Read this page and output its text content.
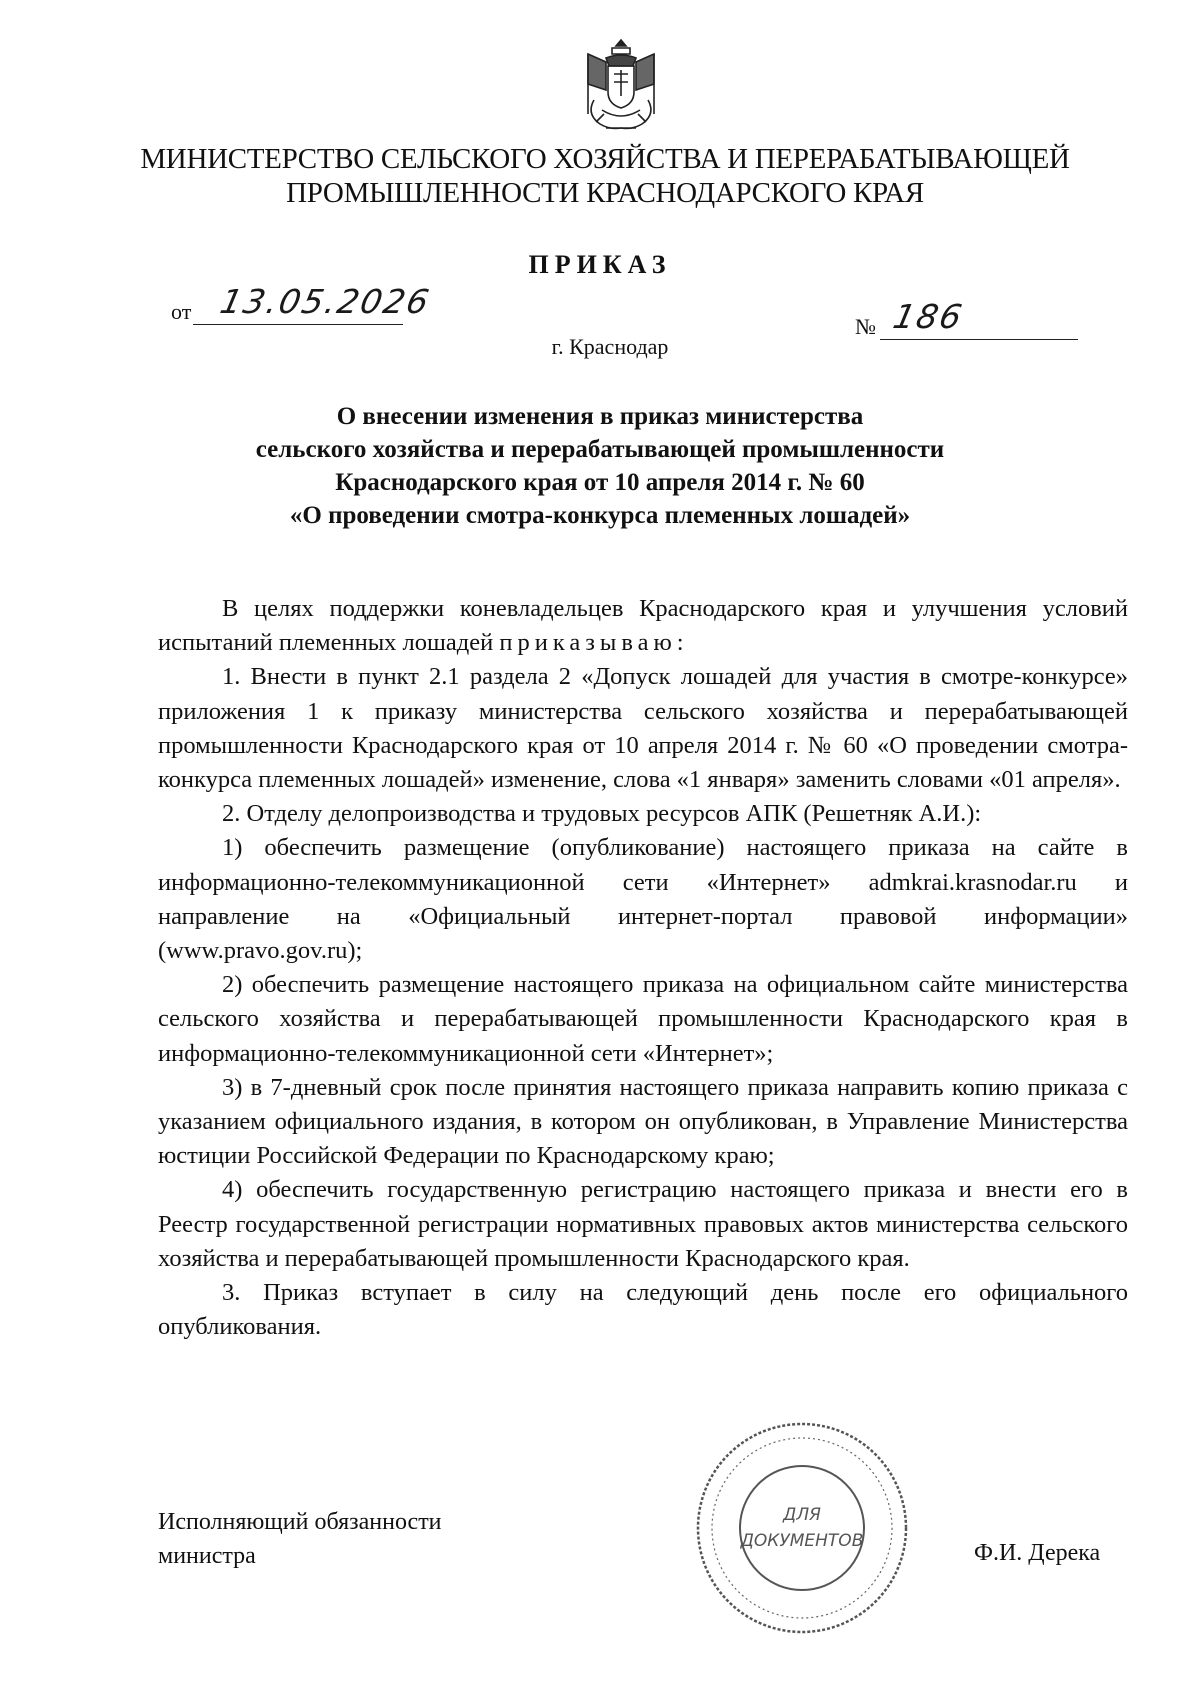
МИНИСТЕРСТВО СЕЛЬСКОГО ХОЗЯЙСТВА И ПЕРЕРАБАТЫВАЮЩЕЙ
ПРОМЫШЛЕННОСТИ КРАСНОДАРСКОГО КРАЯ
ПРИКАЗ
от 13.05.2026
№ 186
г. Краснодар
О внесении изменения в приказ министерства
сельского хозяйства и перерабатывающей промышленности
Краснодарского края от 10 апреля 2014 г. № 60
«О проведении смотра-конкурса племенных лошадей»

В целях поддержки коневладельцев Краснодарского края и улучшения условий испытаний племенных лошадей приказываю:

1. Внести в пункт 2.1 раздела 2 «Допуск лошадей для участия в смотре-конкурсе» приложения 1 к приказу министерства сельского хозяйства и перерабатывающей промышленности Краснодарского края от 10 апреля 2014 г. № 60 «О проведении смотра-конкурса племенных лошадей» изменение, слова «1 января» заменить словами «01 апреля».

2. Отделу делопроизводства и трудовых ресурсов АПК (Решетняк А.И.):

1) обеспечить размещение (опубликование) настоящего приказа на сайте в информационно-телекоммуникационной сети «Интернет» admkrai.krasnodar.ru и направление на «Официальный интернет-портал правовой информации» (www.pravo.gov.ru);

2) обеспечить размещение настоящего приказа на официальном сайте министерства сельского хозяйства и перерабатывающей промышленности Краснодарского края в информационно-телекоммуникационной сети «Интернет»;

3) в 7-дневный срок после принятия настоящего приказа направить копию приказа с указанием официального издания, в котором он опубликован, в Управление Министерства юстиции Российской Федерации по Краснодарскому краю;

4) обеспечить государственную регистрацию настоящего приказа и внести его в Реестр государственной регистрации нормативных правовых актов министерства сельского хозяйства и перерабатывающей промышленности Краснодарского края.

3. Приказ вступает в силу на следующий день после его официального опубликования.

Исполняющий обязанности
министра
ДЛЯ
ДОКУМЕНТОВ	Ф.И. Дерека
